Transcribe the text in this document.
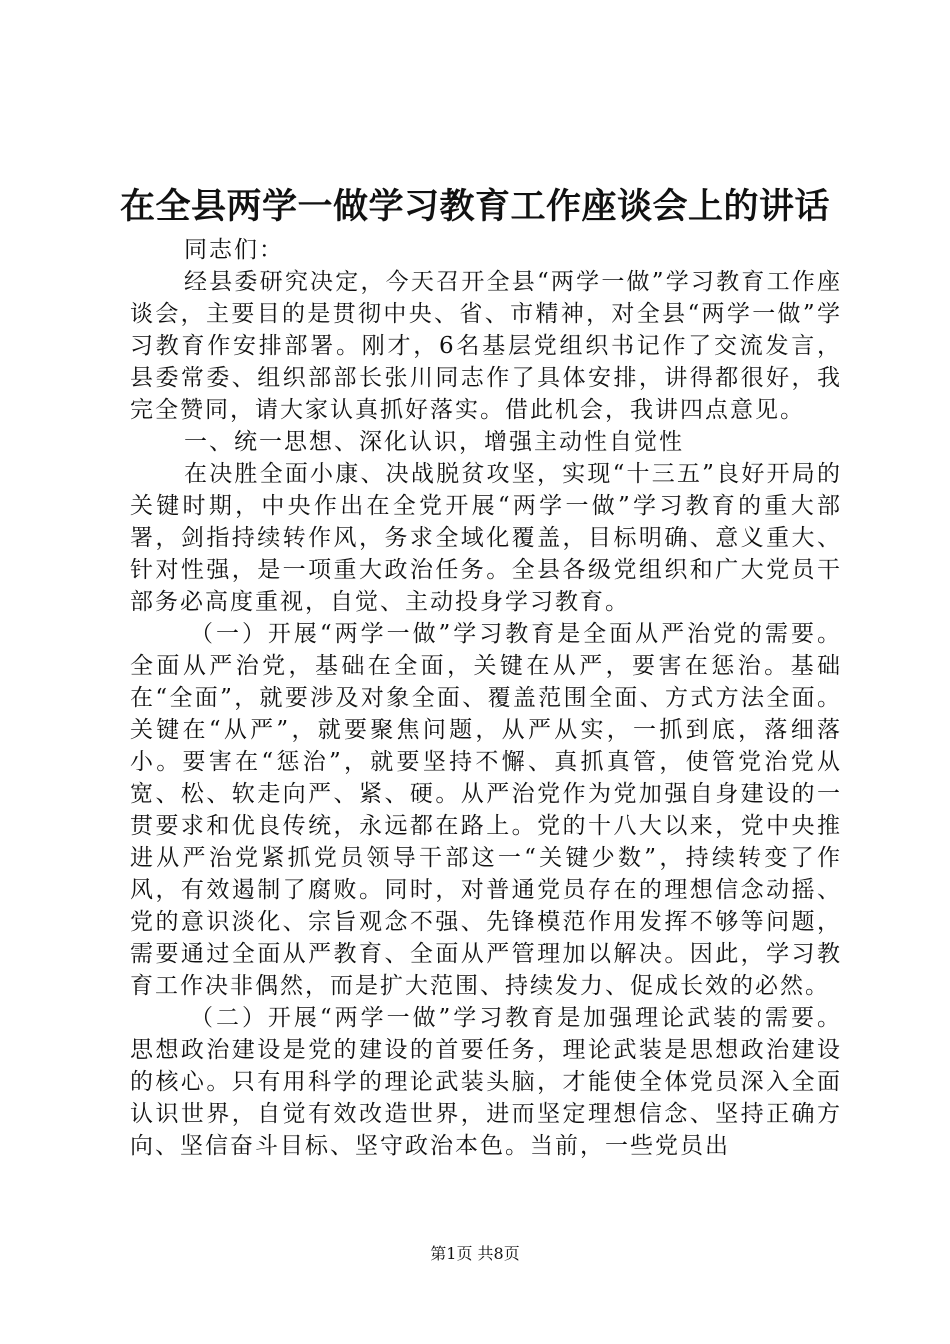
在全县两学一做学习教育工作座谈会上的讲话

同志们：

经县委研究决定，今天召开全县“两学一做”学习教育工作座谈会，主要目的是贯彻中央、省、市精神，对全县“两学一做”学习教育作安排部署。刚才，6名基层党组织书记作了交流发言，县委常委、组织部部长张川同志作了具体安排，讲得都很好，我完全赞同，请大家认真抓好落实。借此机会，我讲四点意见。

一、统一思想、深化认识，增强主动性自觉性

在决胜全面小康、决战脱贫攻坚，实现“十三五”良好开局的关键时期，中央作出在全党开展“两学一做”学习教育的重大部署，剑指持续转作风，务求全域化覆盖，目标明确、意义重大、针对性强，是一项重大政治任务。全县各级党组织和广大党员干部务必高度重视，自觉、主动投身学习教育。

（一）开展“两学一做”学习教育是全面从严治党的需要。全面从严治党，基础在全面，关键在从严，要害在惩治。基础在“全面”，就要涉及对象全面、覆盖范围全面、方式方法全面。关键在“从严”，就要聚焦问题，从严从实，一抓到底，落细落小。要害在“惩治”，就要坚持不懈、真抓真管，使管党治党从宽、松、软走向严、紧、硬。从严治党作为党加强自身建设的一贯要求和优良传统，永远都在路上。党的十八大以来，党中央推进从严治党紧抓党员领导干部这一“关键少数”，持续转变了作风，有效遏制了腐败。同时，对普通党员存在的理想信念动摇、党的意识淡化、宗旨观念不强、先锋模范作用发挥不够等问题，需要通过全面从严教育、全面从严管理加以解决。因此，学习教育工作决非偶然，而是扩大范围、持续发力、促成长效的必然。

（二）开展“两学一做”学习教育是加强理论武装的需要。思想政治建设是党的建设的首要任务，理论武装是思想政治建设的核心。只有用科学的理论武装头脑，才能使全体党员深入全面认识世界，自觉有效改造世界，进而坚定理想信念、坚持正确方向、坚信奋斗目标、坚守政治本色。当前，一些党员出

第1页 共8页
